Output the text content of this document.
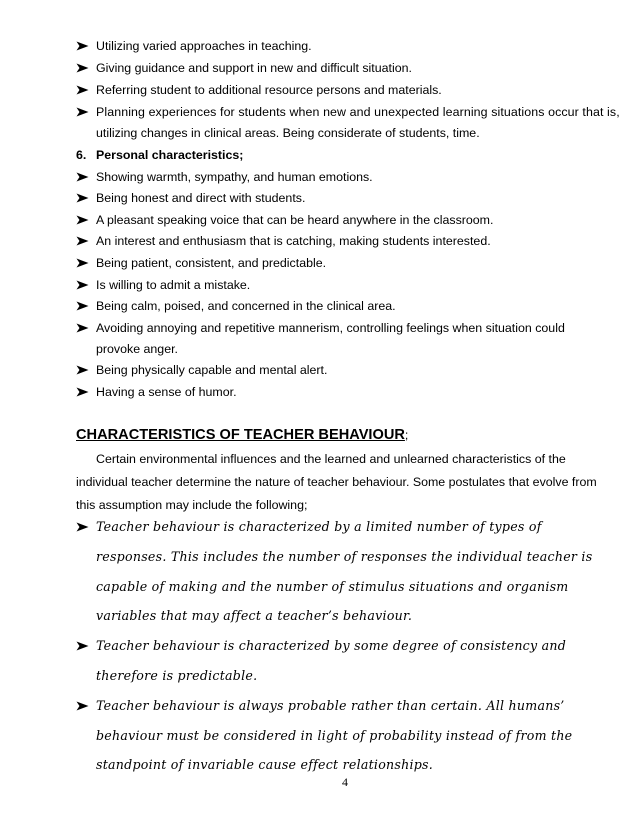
Utilizing varied approaches in teaching.
Giving guidance and support in new and difficult situation.
Referring student to additional resource persons and materials.
Planning experiences for students when new and unexpected learning situations occur that is,
utilizing changes in clinical areas. Being considerate of students, time.
6. Personal characteristics;
Showing warmth, sympathy, and human emotions.
Being honest and direct with students.
A pleasant speaking voice that can be heard anywhere in the classroom.
An interest and enthusiasm that is catching, making students interested.
Being patient, consistent, and predictable.
Is willing to admit a mistake.
Being calm, poised, and concerned in the clinical area.
Avoiding annoying and repetitive mannerism, controlling feelings when situation could
provoke anger.
Being physically capable and mental alert.
Having a sense of humor.
CHARACTERISTICS OF TEACHER BEHAVIOUR;
Certain environmental influences and the learned and unlearned characteristics of the
individual teacher determine the nature of teacher behaviour. Some postulates that evolve from
this assumption may include the following;
Teacher behaviour is characterized by a limited number of types of
responses. This includes the number of responses the individual teacher is
capable of making and the number of stimulus situations and organism
variables that may affect a teacher’s behaviour.
Teacher behaviour is characterized by some degree of consistency and
therefore is predictable.
Teacher behaviour is always probable rather than certain. All humans’
behaviour must be considered in light of probability instead of from the
standpoint of invariable cause effect relationships.
4
